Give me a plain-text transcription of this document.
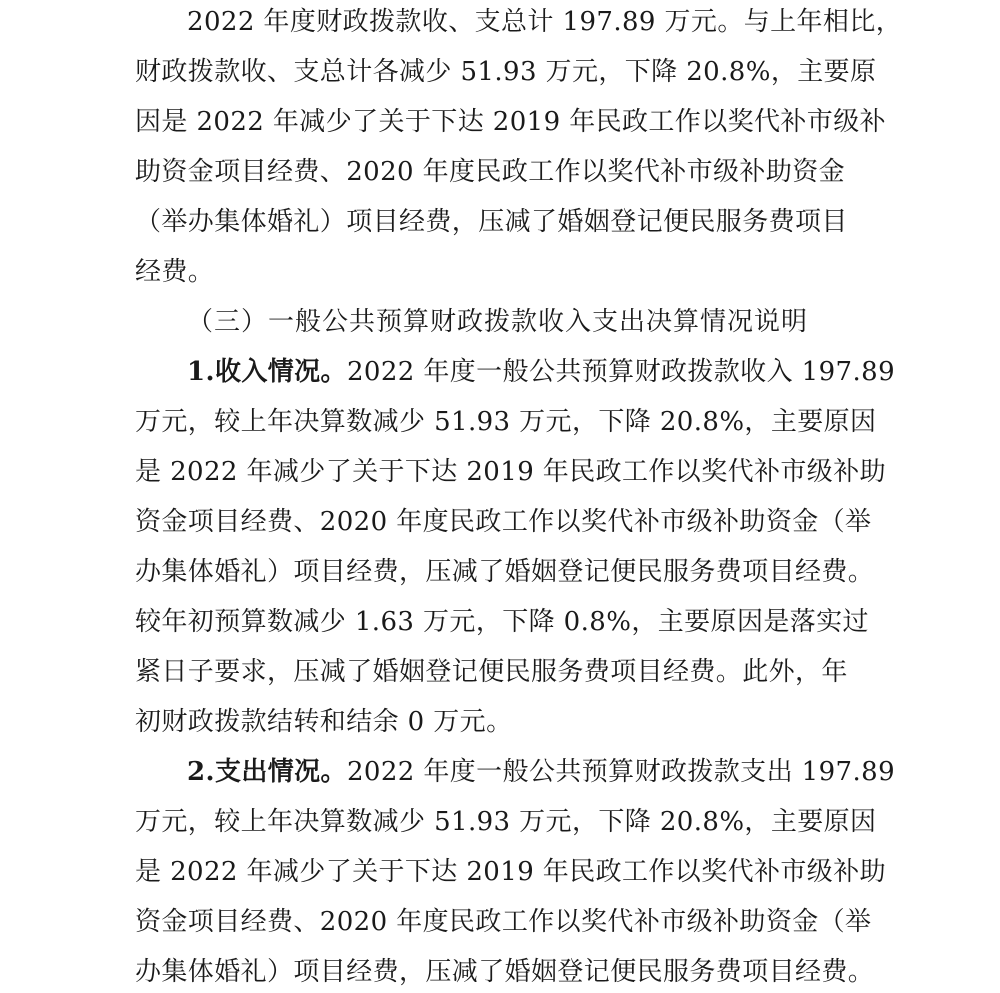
2022 年度财政拨款收、支总计 197.89 万元。与上年相比，
财政拨款收、支总计各减少 51.93 万元，下降 20.8%，主要原
因是 2022 年减少了关于下达 2019 年民政工作以奖代补市级补
助资金项目经费、2020 年度民政工作以奖代补市级补助资金
（举办集体婚礼）项目经费，压减了婚姻登记便民服务费项目
经费。
（三）一般公共预算财政拨款收入支出决算情况说明
1.收入情况。2022 年度一般公共预算财政拨款收入 197.89
万元，较上年决算数减少 51.93 万元，下降 20.8%，主要原因
是 2022 年减少了关于下达 2019 年民政工作以奖代补市级补助
资金项目经费、2020 年度民政工作以奖代补市级补助资金（举
办集体婚礼）项目经费，压减了婚姻登记便民服务费项目经费。
较年初预算数减少 1.63 万元，下降 0.8%，主要原因是落实过
紧日子要求，压减了婚姻登记便民服务费项目经费。此外，年
初财政拨款结转和结余 0 万元。
2.支出情况。2022 年度一般公共预算财政拨款支出 197.89
万元，较上年决算数减少 51.93 万元，下降 20.8%，主要原因
是 2022 年减少了关于下达 2019 年民政工作以奖代补市级补助
资金项目经费、2020 年度民政工作以奖代补市级补助资金（举
办集体婚礼）项目经费，压减了婚姻登记便民服务费项目经费。
